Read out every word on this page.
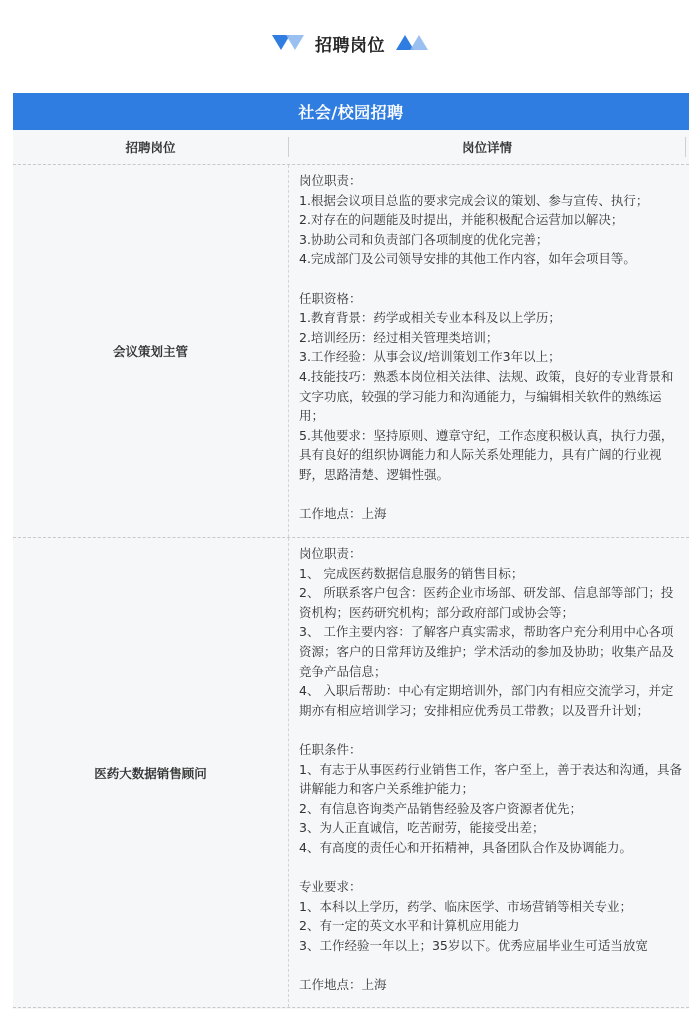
招聘岗位
社会/校园招聘
招聘岗位	岗位详情
会议策划主管

岗位职责：

1.根据会议项目总监的要求完成会议的策划、参与宣传、执行；

2.对存在的问题能及时提出，并能积极配合运营加以解决；

3.协助公司和负责部门各项制度的优化完善；

4.完成部门及公司领导安排的其他工作内容，如年会项目等。

任职资格：

1.教育背景：药学或相关专业本科及以上学历；

2.培训经历：经过相关管理类培训；

3.工作经验：从事会议/培训策划工作3年以上；

4.技能技巧：熟悉本岗位相关法律、法规、政策，良好的专业背景和

文字功底，较强的学习能力和沟通能力，与编辑相关软件的熟练运

用；

5.其他要求：坚持原则、遵章守纪，工作态度积极认真，执行力强，

具有良好的组织协调能力和人际关系处理能力，具有广阔的行业视

野，思路清楚、逻辑性强。

工作地点：上海

医药大数据销售顾问

岗位职责：

1、 完成医药数据信息服务的销售目标；

2、 所联系客户包含：医药企业市场部、研发部、信息部等部门；投

资机构；医药研究机构；部分政府部门或协会等；

3、 工作主要内容：了解客户真实需求，帮助客户充分利用中心各项

资源；客户的日常拜访及维护；学术活动的参加及协助；收集产品及

竞争产品信息；

4、 入职后帮助：中心有定期培训外，部门内有相应交流学习，并定

期亦有相应培训学习；安排相应优秀员工带教；以及晋升计划；

任职条件：

1、有志于从事医药行业销售工作，客户至上，善于表达和沟通，具备

讲解能力和客户关系维护能力；

2、有信息咨询类产品销售经验及客户资源者优先；

3、为人正直诚信，吃苦耐劳，能接受出差；

4、有高度的责任心和开拓精神，具备团队合作及协调能力。

专业要求：

1、本科以上学历，药学、临床医学、市场营销等相关专业；

2、有一定的英文水平和计算机应用能力

3、工作经验一年以上；35岁以下。优秀应届毕业生可适当放宽

工作地点：上海
